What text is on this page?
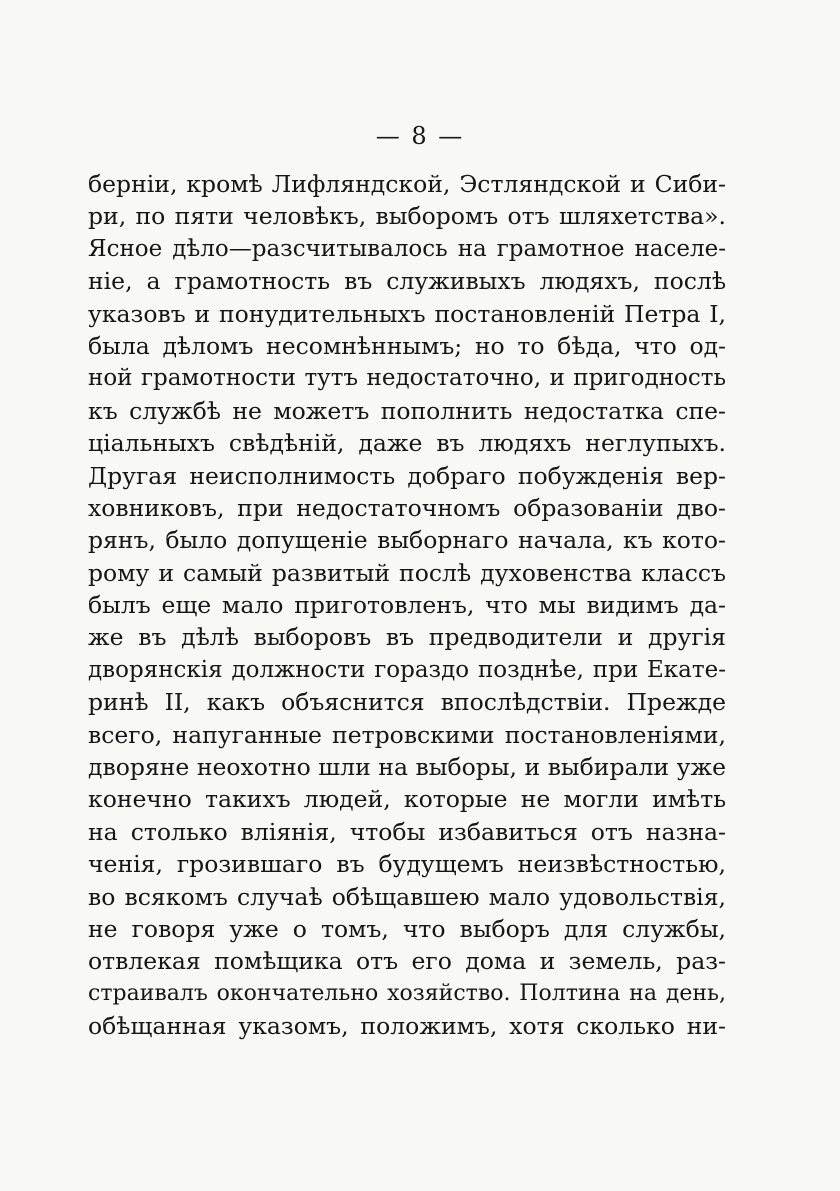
— 8 —
берніи, кромѣ Лифляндской, Эстляндской и Сиби-
ри, по пяти человѣкъ, выборомъ отъ шляхетства».
Ясное дѣло—разсчитывалось на грамотное населе-
ніе, а грамотность въ служивыхъ людяхъ, послѣ
указовъ и понудительныхъ постановленій Петра I,
была дѣломъ несомнѣннымъ; но то бѣда, что од-
ной грамотности тутъ недостаточно, и пригодность
къ службѣ не можетъ пополнить недостатка спе-
ціальныхъ свѣдѣній, даже въ людяхъ неглупыхъ.
Другая неисполнимость добраго побужденія вер-
ховниковъ, при недостаточномъ образованіи дво-
рянъ, было допущеніе выборнаго начала, къ кото-
рому и самый развитый послѣ духовенства классъ
былъ еще мало приготовленъ, что мы видимъ да-
же въ дѣлѣ выборовъ въ предводители и другія
дворянскія должности гораздо позднѣе, при Екате-
ринѣ II, какъ объяснится впослѣдствіи. Прежде
всего, напуганные петровскими постановленіями,
дворяне неохотно шли на выборы, и выбирали уже
конечно такихъ людей, которые не могли имѣть
на столько вліянія, чтобы избавиться отъ назна-
ченія, грозившаго въ будущемъ неизвѣстностью,
во всякомъ случаѣ обѣщавшею мало удовольствія,
не говоря уже о томъ, что выборъ для службы,
отвлекая помѣщика отъ его дома и земель, раз-
страивалъ окончательно хозяйство. Полтина на день,
обѣщанная указомъ, положимъ, хотя сколько ни-
